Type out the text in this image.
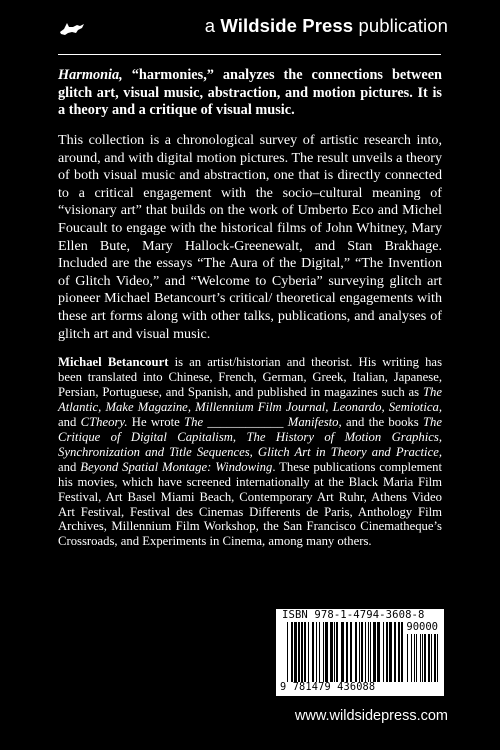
a Wildside Press publication
Harmonia, “harmonies,” analyzes the connections between glitch art, visual music, abstraction, and motion pictures. It is a theory and a critique of visual music.
This collection is a chronological survey of artistic research into, around, and with digital motion pictures. The result unveils a theory of both visual music and abstraction, one that is directly connected to a critical engagement with the socio–cultural meaning of “visionary art” that builds on the work of Umberto Eco and Michel Foucault to engage with the historical films of John Whitney, Mary Ellen Bute, Mary Hallock-Greenewalt, and Stan Brakhage. Included are the essays “The Aura of the Digital,” “The Invention of Glitch Video,” and “Welcome to Cyberia” surveying glitch art pioneer Michael Betancourt’s critical/ theoretical engagements with these art forms along with other talks, publications, and analyses of glitch art and visual music.
Michael Betancourt is an artist/historian and theorist. His writing has been translated into Chinese, French, German, Greek, Italian, Japanese, Persian, Portuguese, and Spanish, and published in magazines such as The Atlantic, Make Magazine, Millennium Film Journal, Leonardo, Semiotica, and CTheory. He wrote The ____________ Manifesto, and the books The Critique of Digital Capitalism, The History of Motion Graphics, Synchronization and Title Sequences, Glitch Art in Theory and Practice, and Beyond Spatial Montage: Windowing. These publications complement his movies, which have screened internationally at the Black Maria Film Festival, Art Basel Miami Beach, Contemporary Art Ruhr, Athens Video Art Festival, Festival des Cinemas Differents de Paris, Anthology Film Archives, Millennium Film Workshop, the San Francisco Cinematheque’s Crossroads, and Experiments in Cinema, among many others.
ISBN 978-1-4794-3608-8
90000
9 781479 436088
www.wildsidepress.com
